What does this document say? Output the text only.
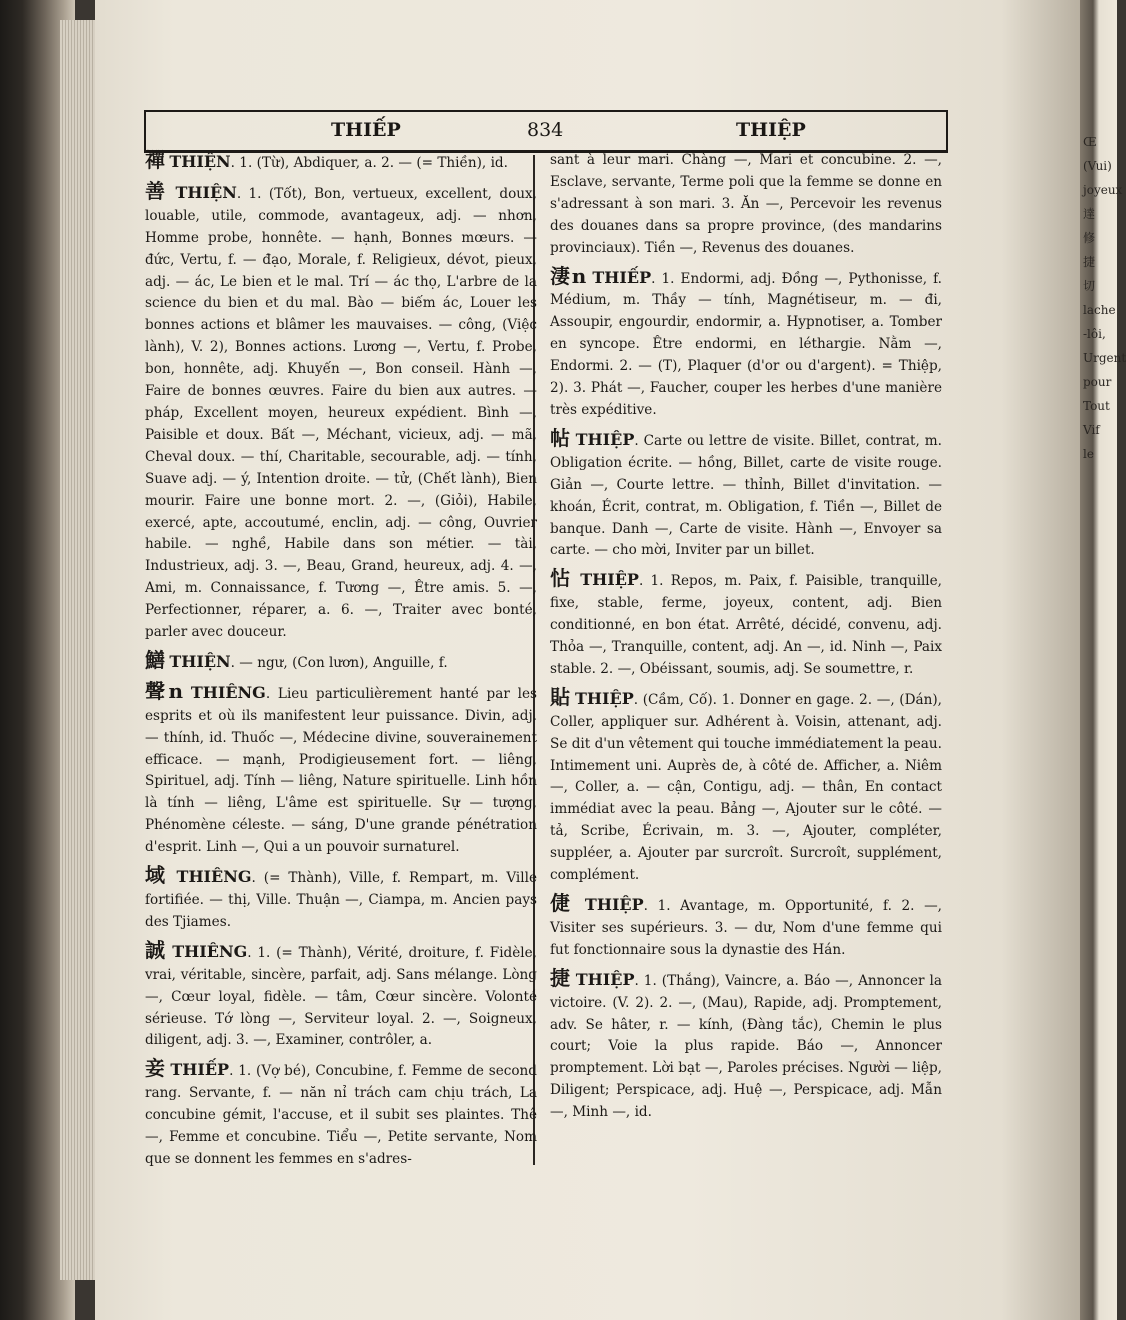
THIẾP	834	THIỆP

禪 THIỆN. 1. (Từ), Abdiquer, a. 2. — (= Thiền), id.

善 THIỆN. 1. (Tốt), Bon, vertueux, excellent, doux, louable, utile, commode, avantageux, adj. — nhơn, Homme probe, honnête. — hạnh, Bonnes mœurs. — đức, Vertu, f. — đạo, Morale, f. Religieux, dévot, pieux, adj. — ác, Le bien et le mal. Trí — ác thọ, L'arbre de la science du bien et du mal. Bào — biếm ác, Louer les bonnes actions et blâmer les mauvaises. — công, (Việc lành), V. 2), Bonnes actions. Lương —, Vertu, f. Probe, bon, honnête, adj. Khuyến —, Bon conseil. Hành —, Faire de bonnes œuvres. Faire du bien aux autres. — pháp, Excellent moyen, heureux expédient. Bình —, Paisible et doux. Bất —, Méchant, vicieux, adj. — mã, Cheval doux. — thí, Charitable, secourable, adj. — tính, Suave adj. — ý, Intention droite. — tử, (Chết lành), Bien mourir. Faire une bonne mort. 2. —, (Giỏi), Habile, exercé, apte, accoutumé, enclin, adj. — công, Ouvrier habile. — nghề, Habile dans son métier. — tài, Industrieux, adj. 3. —, Beau, Grand, heureux, adj. 4. —, Ami, m. Connaissance, f. Tương —, Être amis. 5. —, Perfectionner, réparer, a. 6. —, Traiter avec bonté, parler avec douceur.

鱔 THIỆN. — ngư, (Con lươn), Anguille, f.

聲n THIÊNG. Lieu particulièrement hanté par les esprits et où ils manifestent leur puissance. Divin, adj. — thính, id. Thuốc —, Médecine divine, souverainement efficace. — mạnh, Prodigieusement fort. — liêng, Spirituel, adj. Tính — liêng, Nature spirituelle. Linh hồn là tính — liêng, L'âme est spirituelle. Sự — tượng, Phénomène céleste. — sáng, D'une grande pénétration d'esprit. Linh —, Qui a un pouvoir surnaturel.

域 THIÊNG. (= Thành), Ville, f. Rempart, m. Ville fortifiée. — thị, Ville. Thuận —, Ciampa, m. Ancien pays des Tjiames.

誠 THIÊNG. 1. (= Thành), Vérité, droiture, f. Fidèle, vrai, véritable, sincère, parfait, adj. Sans mélange. Lòng —, Cœur loyal, fidèle. — tâm, Cœur sincère. Volonté sérieuse. Tớ lòng —, Serviteur loyal. 2. —, Soigneux, diligent, adj. 3. —, Examiner, contrôler, a.

妾 THIẾP. 1. (Vợ bé), Concubine, f. Femme de second rang. Servante, f. — năn nỉ trách cam chịu trách, La concubine gémit, l'accuse, et il subit ses plaintes. Thê —, Femme et concubine. Tiểu —, Petite servante, Nom que se donnent les femmes en s'adres-

sant à leur mari. Chàng —, Mari et concubine. 2. —, Esclave, servante, Terme poli que la femme se donne en s'adressant à son mari. 3. Ăn —, Percevoir les revenus des douanes dans sa propre province, (des mandarins provinciaux). Tiền —, Revenus des douanes.

淒n THIẾP. 1. Endormi, adj. Đồng —, Pythonisse, f. Médium, m. Thầy — tính, Magnétiseur, m. — đi, Assoupir, engourdir, endormir, a. Hypnotiser, a. Tomber en syncope. Être endormi, en léthargie. Nằm —, Endormi. 2. — (T), Plaquer (d'or ou d'argent). = Thiệp, 2). 3. Phát —, Faucher, couper les herbes d'une manière très expéditive.

帖 THIỆP. Carte ou lettre de visite. Billet, contrat, m. Obligation écrite. — hồng, Billet, carte de visite rouge. Giản —, Courte lettre. — thỉnh, Billet d'invitation. — khoán, Écrit, contrat, m. Obligation, f. Tiền —, Billet de banque. Danh —, Carte de visite. Hành —, Envoyer sa carte. — cho mời, Inviter par un billet.

怗 THIỆP. 1. Repos, m. Paix, f. Paisible, tranquille, fixe, stable, ferme, joyeux, content, adj. Bien conditionné, en bon état. Arrêté, décidé, convenu, adj. Thỏa —, Tranquille, content, adj. An —, id. Ninh —, Paix stable. 2. —, Obéissant, soumis, adj. Se soumettre, r.

貼 THIỆP. (Cầm, Cố). 1. Donner en gage. 2. —, (Dán), Coller, appliquer sur. Adhérent à. Voisin, attenant, adj. Se dit d'un vêtement qui touche immédiatement la peau. Intimement uni. Auprès de, à côté de. Afficher, a. Niêm —, Coller, a. — cận, Contigu, adj. — thân, En contact immédiat avec la peau. Bảng —, Ajouter sur le côté. — tả, Scribe, Écrivain, m. 3. —, Ajouter, compléter, suppléer, a. Ajouter par surcroît. Surcroît, supplément, complément.

倢 THIỆP. 1. Avantage, m. Opportunité, f. 2. —, Visiter ses supérieurs. 3. — dư, Nom d'une femme qui fut fonctionnaire sous la dynastie des Hán.

捷 THIỆP. 1. (Thắng), Vaincre, a. Báo —, Annoncer la victoire. (V. 2). 2. —, (Mau), Rapide, adj. Promptement, adv. Se hâter, r. — kính, (Đàng tắc), Chemin le plus court; Voie la plus rapide. Báo —, Annoncer promptement. Lời bạt —, Paroles précises. Người — liệp, Diligent; Perspicace, adj. Huệ —, Perspicace, adj. Mẫn —, Minh —, id.

Œ (Vui) joyeux 達 修 捷 切 lache -lôi, Urgent pour Tout Vif le
